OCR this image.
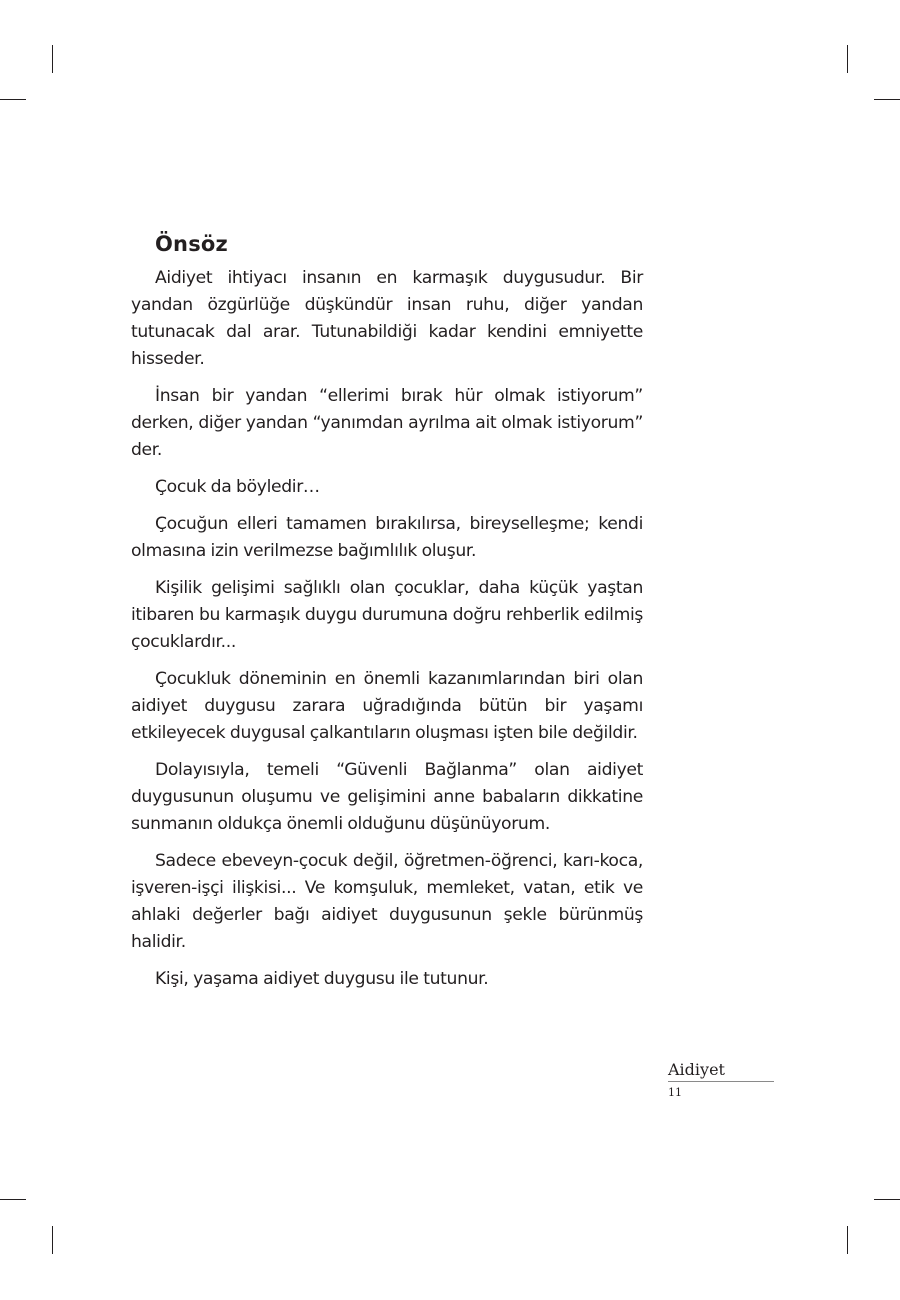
Önsöz

Aidiyet ihtiyacı insanın en karmaşık duygusudur. Bir yandan özgürlüğe düşkündür insan ruhu, diğer yandan tutunacak dal arar. Tutunabildiği kadar kendini emniyette hisseder.

İnsan bir yandan “ellerimi bırak hür olmak istiyorum” derken, diğer yandan “yanımdan ayrılma ait olmak istiyorum” der.

Çocuk da böyledir…

Çocuğun elleri tamamen bırakılırsa, bireyselleşme; kendi olmasına izin verilmezse bağımlılık oluşur.

Kişilik gelişimi sağlıklı olan çocuklar, daha küçük yaştan itibaren bu karmaşık duygu durumuna doğru rehberlik edilmiş çocuklardır...

Çocukluk döneminin en önemli kazanımlarından biri olan aidiyet duygusu zarara uğradığında bütün bir yaşamı etkileyecek duygusal çalkantıların oluşması işten bile değildir.

Dolayısıyla, temeli “Güvenli Bağlanma” olan aidiyet duygusunun oluşumu ve gelişimini anne babaların dikkatine sunmanın oldukça önemli olduğunu düşünüyorum.

Sadece ebeveyn-çocuk değil, öğretmen-öğrenci, karı-koca, işveren-işçi ilişkisi... Ve komşuluk, memleket, vatan, etik ve ahlaki değerler bağı aidiyet duygusunun şekle bürünmüş halidir.

Kişi, yaşama aidiyet duygusu ile tutunur.

Aidiyet
11
